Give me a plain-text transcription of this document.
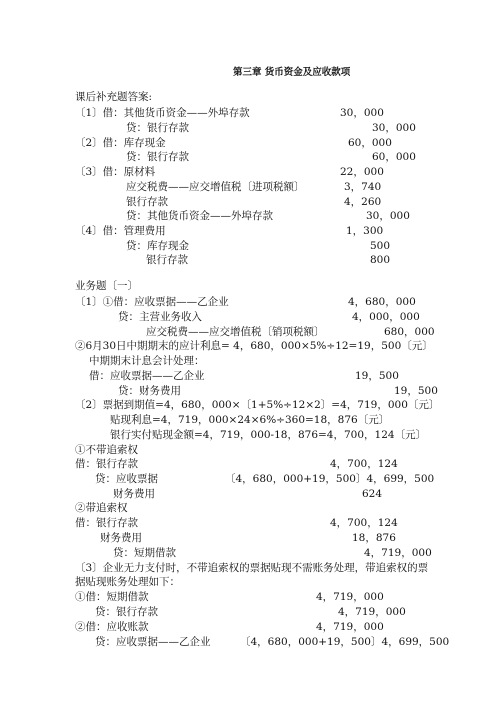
第三章 货币资金及应收款项
课后补充题答案:
〔1〕借：其他货币资金——外埠存款	30，000
贷：银行存款	30，000
〔2〕借：库存现金	60，000
贷：银行存款	60，000
〔3〕借：原材料	22，000
应交税费——应交增值税〔进项税额〕	3，740
银行存款	4，260
贷：其他货币资金——外埠存款	30，000
〔4〕借：管理费用	1，300
贷：库存现金	500
银行存款	800
业务题〔一〕
〔1〕①借：应收票据——乙企业	4，680，000
贷：主营业务收入	4，000，000
应交税费——应交增值税〔销项税额〕	680，000
②6月30日中期期末的应计利息= 4，680，000×5%÷12=19，500〔元〕
中期期末计息会计处理：
借：应收票据——乙企业	19，500
贷：财务费用	19，500
〔2〕票据到期值=4，680，000×〔1+5%÷12×2〕=4，719，000〔元〕
贴现利息=4，719，000×24×6%÷360=18，876〔元〕
银行实付贴现金额=4，719，000-18，876=4，700，124〔元〕
①不带追索权
借：银行存款	4，700，124
贷：应收票据	〔4，680，000+19，500〕4，699，500
财务费用	624
②带追索权
借：银行存款	4，700，124
财务费用	18，876
贷：短期借款	4，719，000
〔3〕企业无力支付时，不带追索权的票据贴现不需账务处理，带追索权的票
据贴现账务处理如下：
①借：短期借款	4，719，000
贷：银行存款	4，719，000
②借：应收账款	4，719，000
贷：应收票据——乙企业	〔4，680，000+19，500〕4，699，500
